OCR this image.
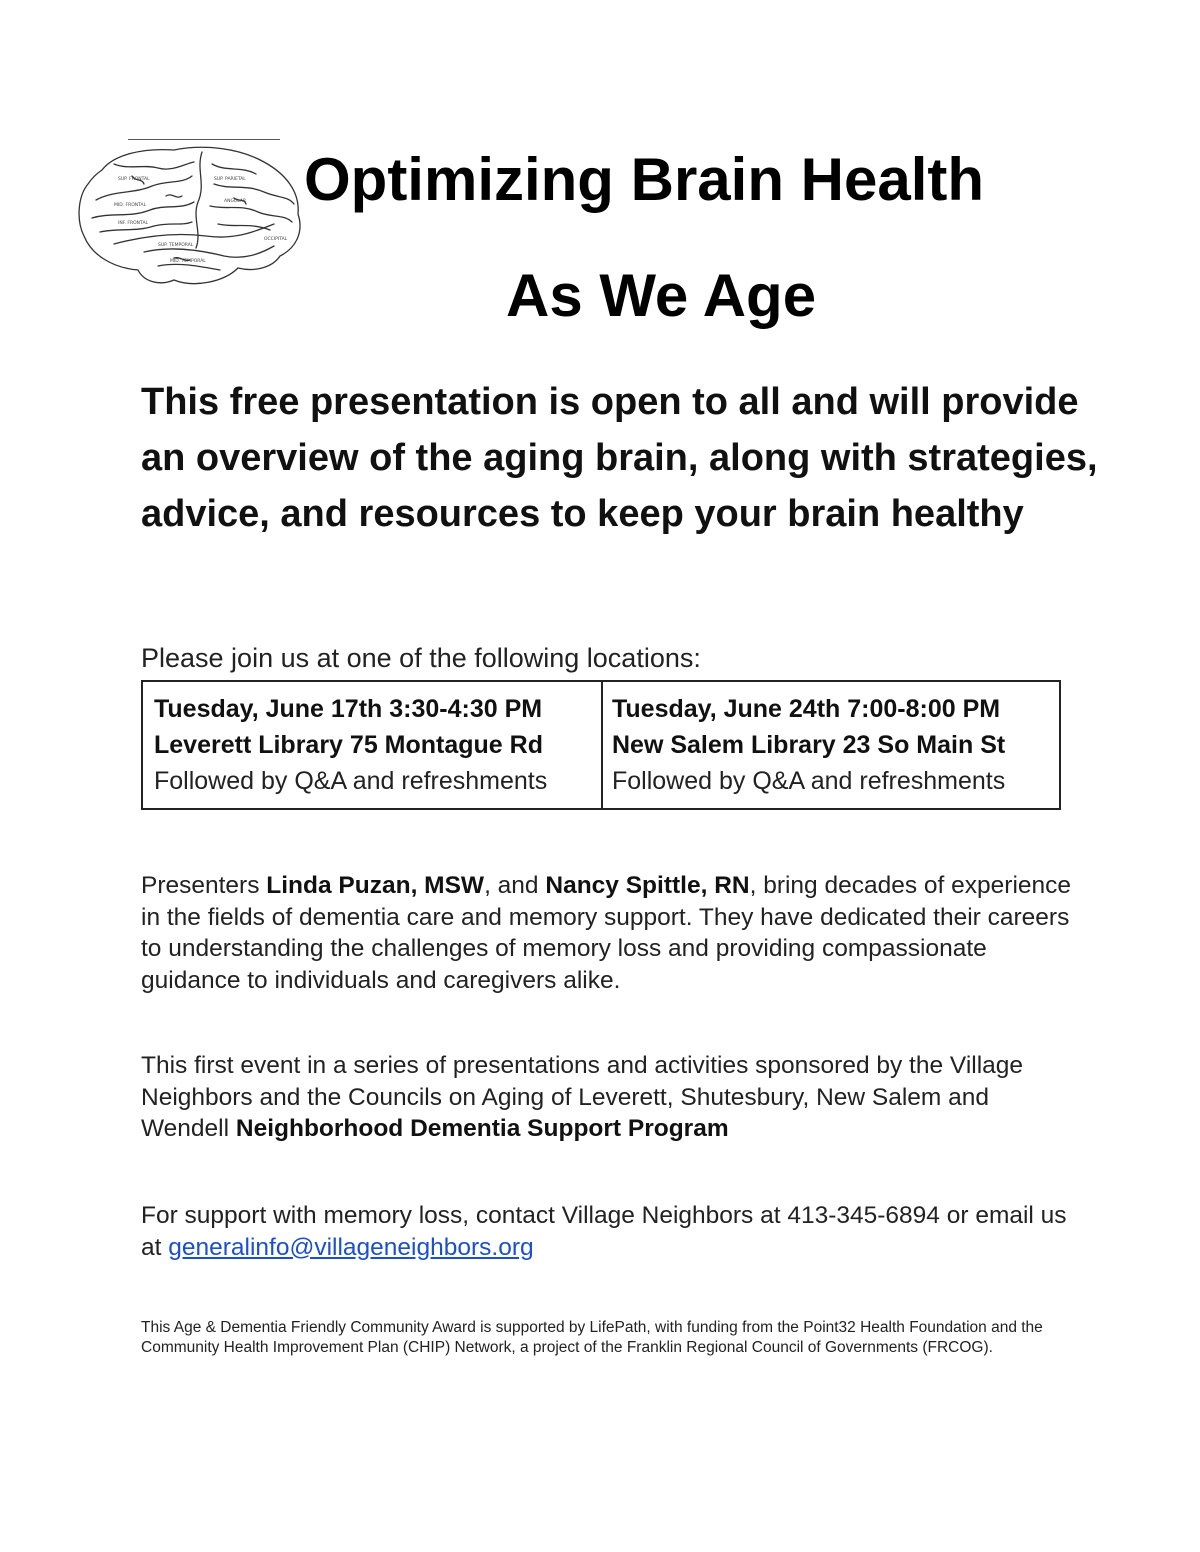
SUP. FRONTAL
MID. FRONTAL
INF. FRONTAL
SUP. PARIETAL
ANGULAR
SUP. TEMPORAL
MID. TEMPORAL
OCCIPITAL
Optimizing Brain Health
As We Age

This free presentation is open to all and will provide an overview of the aging brain, along with strategies, advice, and resources to keep your brain healthy

Please join us at one of the following locations:

Tuesday, June 17th 3:30-4:30 PM
Leverett Library 75 Montague Rd
Followed by Q&A and refreshments
Tuesday, June 24th 7:00-8:00 PM
New Salem Library 23 So Main St
Followed by Q&A and refreshments

Presenters Linda Puzan, MSW, and Nancy Spittle, RN, bring decades of experience in the fields of dementia care and memory support. They have dedicated their careers to understanding the challenges of memory loss and providing compassionate guidance to individuals and caregivers alike.

This first event in a series of presentations and activities sponsored by the Village Neighbors and the Councils on Aging of Leverett, Shutesbury, New Salem and Wendell Neighborhood Dementia Support Program

For support with memory loss, contact Village Neighbors at 413-345-6894 or email us at generalinfo@villageneighbors.org

This Age & Dementia Friendly Community Award is supported by LifePath, with funding from the Point32 Health Foundation and the Community Health Improvement Plan (CHIP) Network, a project of the Franklin Regional Council of Governments (FRCOG).
